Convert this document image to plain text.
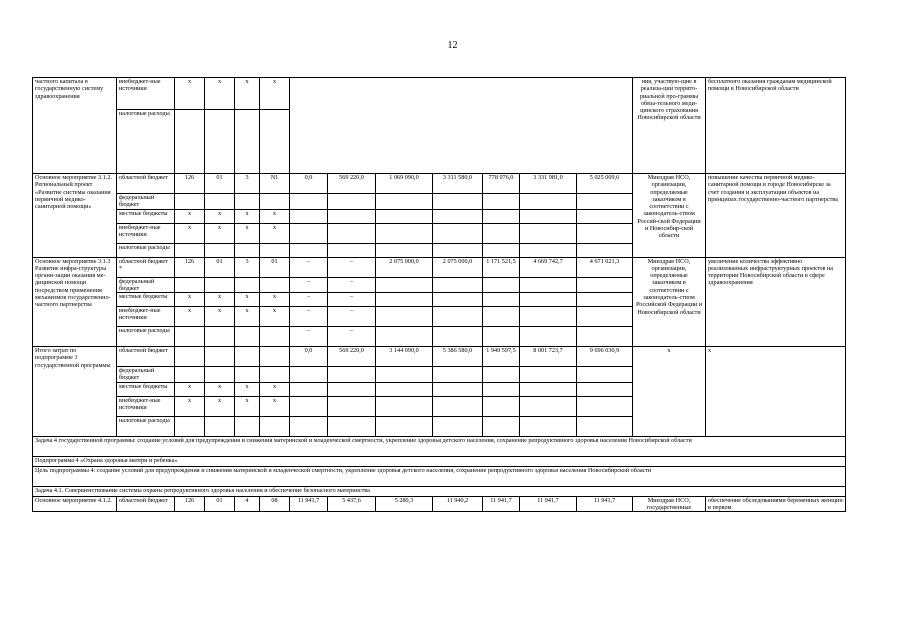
12
частного капитала в государственную систему здравоохранения	внебюджет-ные источники	x	x	x	x								ния, участвую-щие в реализа-ции террито-риальной про-граммы обяза-тельного меди-цинского страхования Новосибирской области	бесплатного оказания гражданам медицинской помощи в Новосибирской области
	налоговые расходы													
Основное мероприятие 3.1.2. Региональный проект «Развитие системы оказания первичной медико-санитарной помощи»	областной бюджет	126	01	3	N1	0,0	569 220,0	1 069 090,0	3 311 580,0	778 076,0	3 331 981,0	5 025 009,6	Минздрав НСО, организации, определяемые заказчиком в соответствии с законодатель-ством Россий-ской Федерации и Новосибир-ской области	повышение качества первичной медико-санитарной помощи в городе Новосибирске за счет создания и эксплуатации объектов на принципах государственно-частного партнерства
	федеральный бюджет													
	местные бюджеты	x	x	x	x									
	внебюджет-ные источники	x	x	x	x									
	налоговые расходы													
Основное мероприятие 3.1.3 Развитие инфра-структуры органи-зации оказания ме-дицинской помощи посредством применения механизмов государственно-частного партнерства	областной бюджет *	126	01	3	01	–	–	2 075 000,0	2 075 000,0	1 171 521,5	4 669 742,7	4 671 021,3	Минздрав НСО, организации, определяемые заказчиком в соответствии с законодатель-ством Российской Федерации и Новосибирской области	увеличение количества эффективно реализованных инфраструктурных проектов на территории Новосибирской области в сфере здравоохранения
	федеральный бюджет					–	–							
	местные бюджеты	x	x	x	x	–	–							
	внебюджет-ные источники	x	x	x	x	–	–							
	налоговые расходы					–	–							
Итого затрат по подпрограмме 3 государственной программы	областной бюджет					0,0	569 220,0	3 144 090,0	5 386 580,0	1 949 597,5	8 001 723,7	9 696 030,9	x	x
	федеральный бюджет													
	местные бюджеты	x	x	x	x									
	внебюджет-ные источники	x	x	x	x									
	налоговые расходы													
Задача 4 государственной программы: создание условий для предупреждения и снижения материнской и младенческой смертности, укрепление здоровья детского населения, сохранение репродуктивного здоровья населения Новосибирской области														
Подпрограмма 4 «Охрана здоровья матери и ребенка»														
Цель подпрограммы 4: создание условий для предупреждения и снижения материнской и младенческой смертности, укрепление здоровья детского населения, сохранение репродуктивного здоровья населения Новосибирской области														
Задача 4.1. Совершенствование системы охраны репродуктивного здоровья населения и обеспечение безопасного материнства														
Основное мероприятие 4.1.2.	областной бюджет	126	01	4	08	11 941,7	5 437,6	5 280,3	11 940,2	11 941,7	11 941,7	11 941,7	Минздрав НСО, государственные	обеспечение обследованиями беременных женщин в первом
